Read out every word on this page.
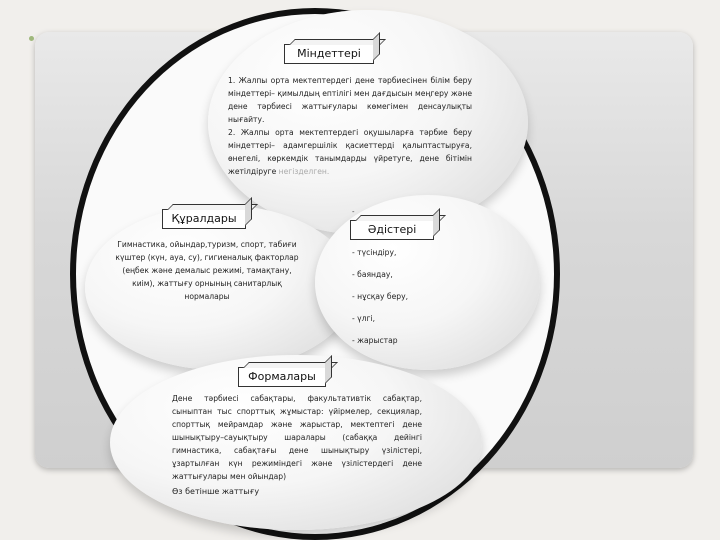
Міндеттері

1. Жалпы орта мектептердегі дене тәрбиесінен білім беру міндеттері– қимылдың ептілігі мен дағдысын меңгеру және дене тәрбиесі жаттығулары көмегімен денсаулықты нығайту.

2. Жалпы орта мектептердегі оқушыларға тәрбие беру міндеттері– адамгершілік қасиеттерді қалыптастыруға, өнегелі, көркемдік танымдарды үйретуге, дене бітімін жетілдіруге негізделген.

Құралдары
Гимнастика, ойындар,туризм, спорт, табиғи күштер (күн, ауа, су), гигиеналық факторлар (еңбек және демалыс режимі, тамақтану, киім), жаттығу орнының санитарлық нормалары
-
Әдістері
- түсіндіру,
- баяндау,
- нұсқау беру,
- үлгі,
- жарыстар
Формалары
Дене тәрбиесі сабақтары, факультативтік сабақтар, сыныптан тыс спорттық жұмыстар: үйірмелер, секциялар, спорттық мейрамдар және жарыстар, мектептегі дене шынықтыру–сауықтыру шаралары (сабаққа дейінгі гимнастика, сабақтағы дене шынықтыру үзілістері, ұзартылған күн режиміндегі және үзілістердегі дене жаттығулары мен ойындар)
Өз бетінше жаттығу
